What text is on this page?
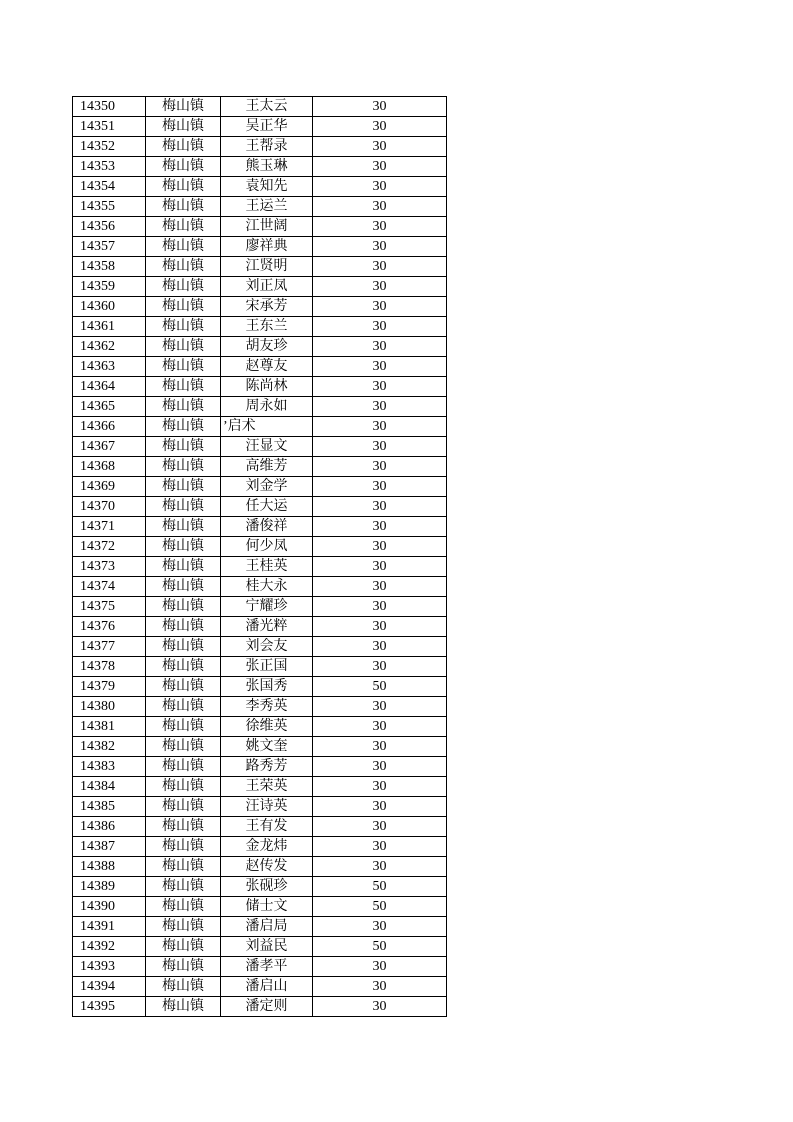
14350	梅山镇	王太云	30
14351	梅山镇	吴正华	30
14352	梅山镇	王帮录	30
14353	梅山镇	熊玉琳	30
14354	梅山镇	袁知先	30
14355	梅山镇	王运兰	30
14356	梅山镇	江世阔	30
14357	梅山镇	廖祥典	30
14358	梅山镇	江贤明	30
14359	梅山镇	刘正凤	30
14360	梅山镇	宋承芳	30
14361	梅山镇	王东兰	30
14362	梅山镇	胡友珍	30
14363	梅山镇	赵尊友	30
14364	梅山镇	陈尚林	30
14365	梅山镇	周永如	30
14366	梅山镇	’启术	30
14367	梅山镇	汪显文	30
14368	梅山镇	高维芳	30
14369	梅山镇	刘金学	30
14370	梅山镇	任大运	30
14371	梅山镇	潘俊祥	30
14372	梅山镇	何少凤	30
14373	梅山镇	王桂英	30
14374	梅山镇	桂大永	30
14375	梅山镇	宁耀珍	30
14376	梅山镇	潘光粹	30
14377	梅山镇	刘会友	30
14378	梅山镇	张正国	30
14379	梅山镇	张国秀	50
14380	梅山镇	李秀英	30
14381	梅山镇	徐维英	30
14382	梅山镇	姚文奎	30
14383	梅山镇	路秀芳	30
14384	梅山镇	王荣英	30
14385	梅山镇	汪诗英	30
14386	梅山镇	王有发	30
14387	梅山镇	金龙炜	30
14388	梅山镇	赵传发	30
14389	梅山镇	张砚珍	50
14390	梅山镇	储士文	50
14391	梅山镇	潘启局	30
14392	梅山镇	刘益民	50
14393	梅山镇	潘孝平	30
14394	梅山镇	潘启山	30
14395	梅山镇	潘定则	30
